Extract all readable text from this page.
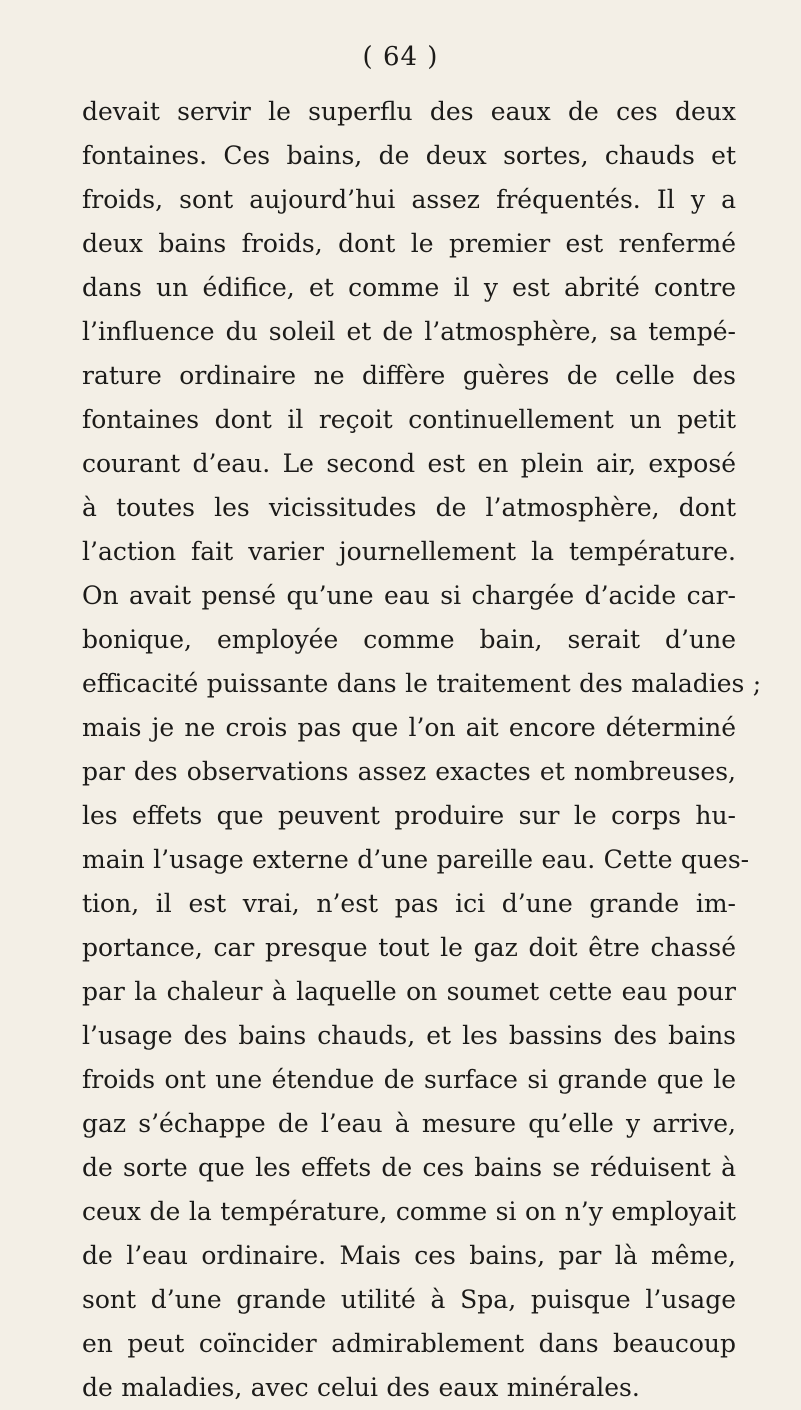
( 64 )
devait servir le superflu des eaux de ces deux
fontaines. Ces bains, de deux sortes, chauds et
froids, sont aujourd’hui assez fréquentés. Il y a
deux bains froids, dont le premier est renfermé
dans un édifice, et comme il y est abrité contre
l’influence du soleil et de l’atmosphère, sa tempé-
rature ordinaire ne diffère guères de celle des
fontaines dont il reçoit continuellement un petit
courant d’eau. Le second est en plein air, exposé
à toutes les vicissitudes de l’atmosphère, dont
l’action fait varier journellement la température.
On avait pensé qu’une eau si chargée d’acide car-
bonique, employée comme bain, serait d’une
efficacité puissante dans le traitement des maladies ;
mais je ne crois pas que l’on ait encore déterminé
par des observations assez exactes et nombreuses,
les effets que peuvent produire sur le corps hu-
main l’usage externe d’une pareille eau. Cette ques-
tion, il est vrai, n’est pas ici d’une grande im-
portance, car presque tout le gaz doit être chassé
par la chaleur à laquelle on soumet cette eau pour
l’usage des bains chauds, et les bassins des bains
froids ont une étendue de surface si grande que le
gaz s’échappe de l’eau à mesure qu’elle y arrive,
de sorte que les effets de ces bains se réduisent à
ceux de la température, comme si on n’y employait
de l’eau ordinaire. Mais ces bains, par là même,
sont d’une grande utilité à Spa, puisque l’usage
en peut coïncider admirablement dans beaucoup
de maladies, avec celui des eaux minérales.
